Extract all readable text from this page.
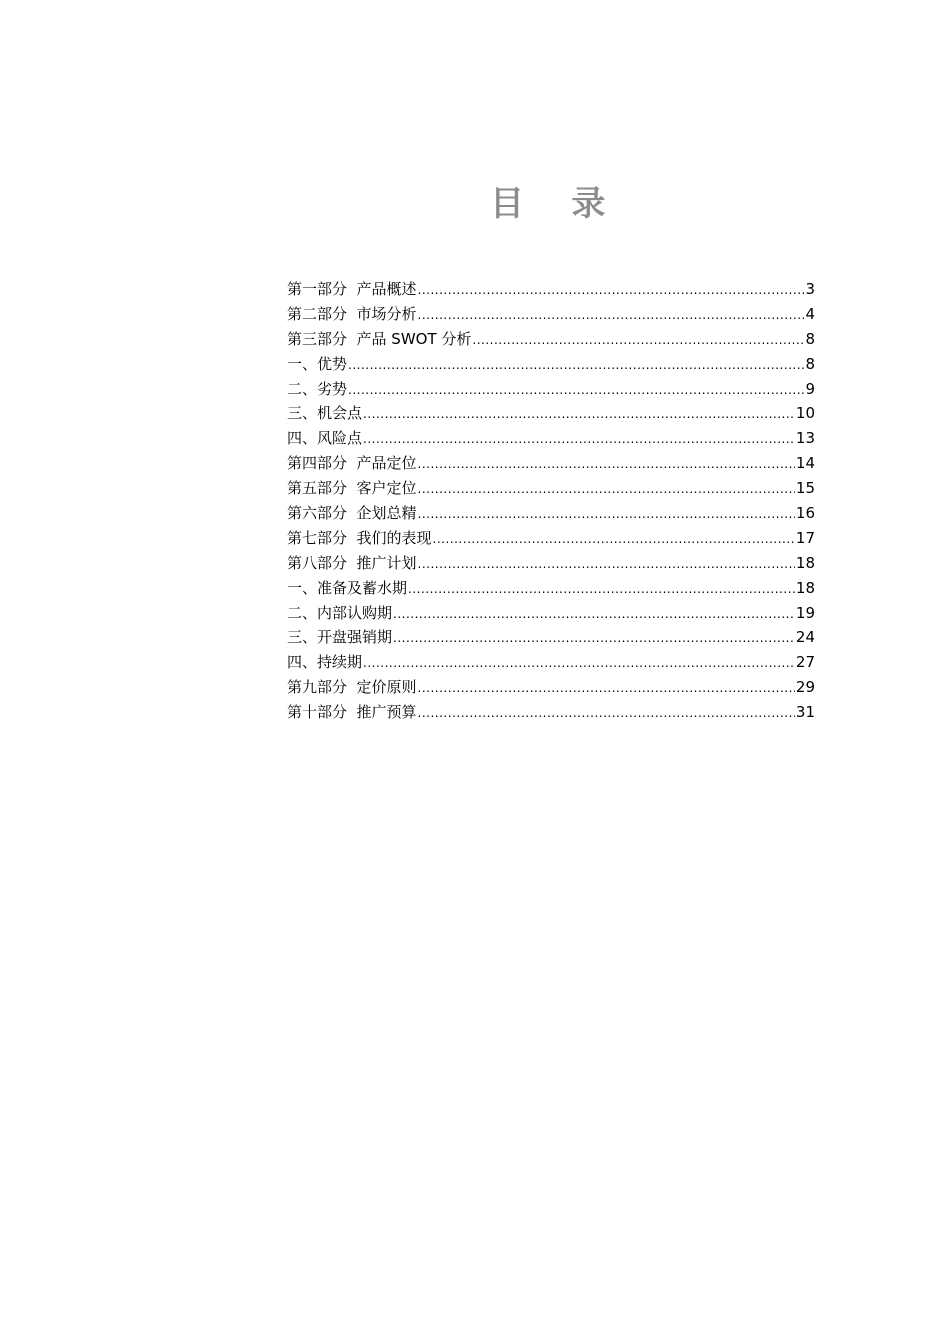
目    录
第一部分  产品概述 .....	3
第二部分  市场分析 .....	4
第三部分  产品 SWOT 分析 .....	8
一、优势 .....	8
二、劣势 .....	9
三、机会点 .....	10
四、风险点 .....	13
第四部分  产品定位 .....	14
第五部分  客户定位 .....	15
第六部分  企划总精 .....	16
第七部分  我们的表现 .....	17
第八部分  推广计划 .....	18
一、准备及蓄水期 .....	18
二、内部认购期 .....	19
三、开盘强销期 .....	24
四、持续期 .....	27
第九部分  定价原则 .....	29
第十部分  推广预算 .....	31
